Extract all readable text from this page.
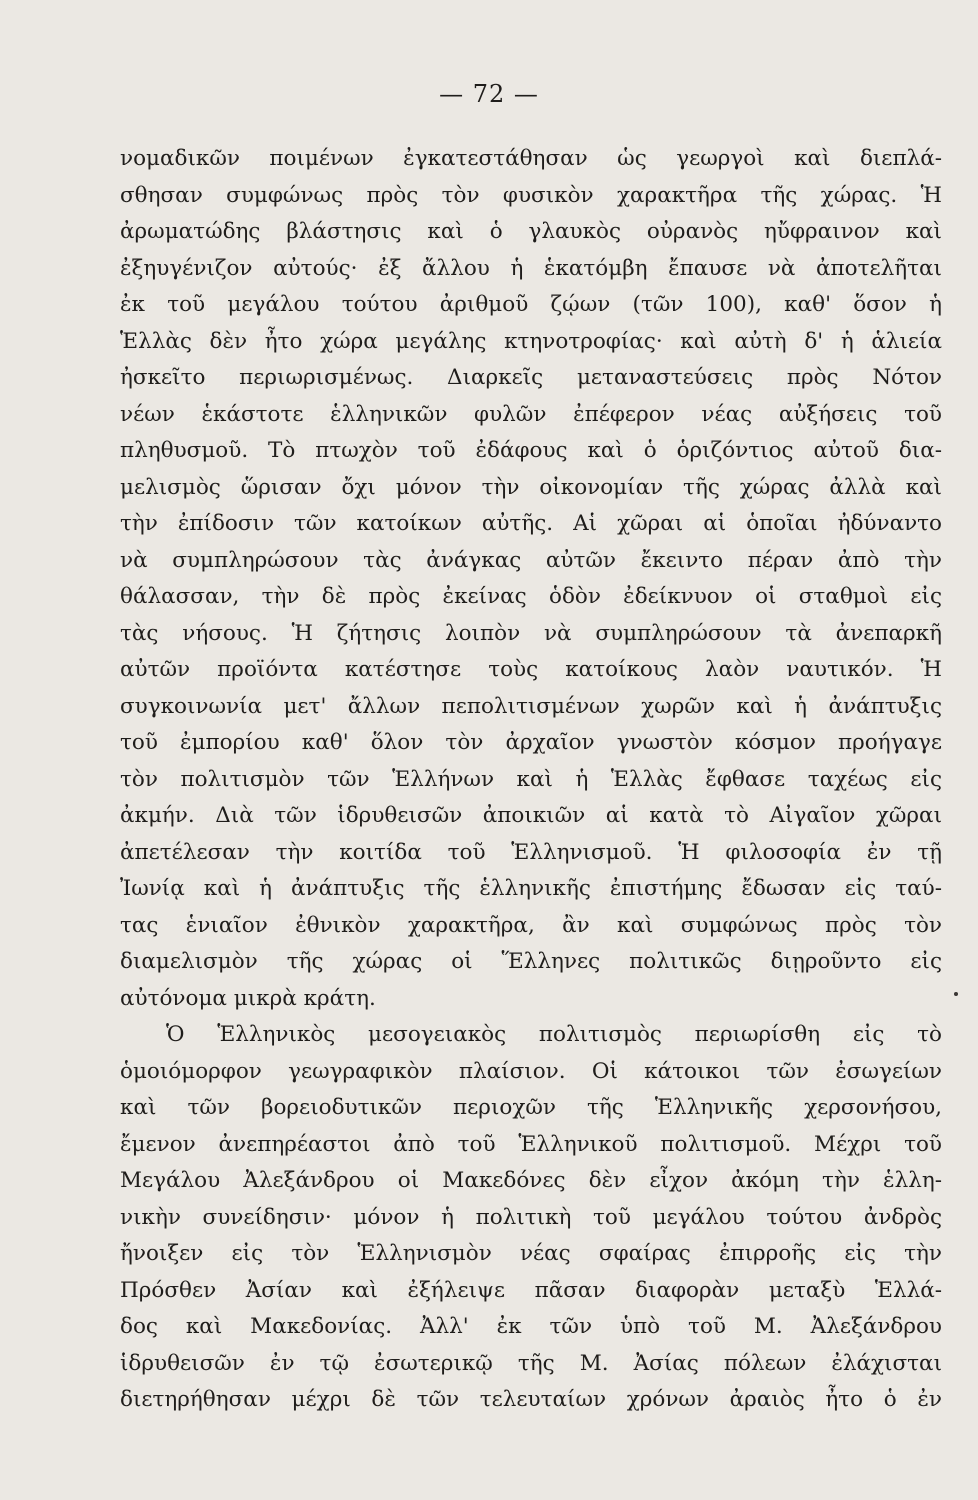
— 72 —
νομαδικῶν ποιμένων ἐγκατεστάθησαν ὡς γεωργοὶ καὶ διεπλά-
σθησαν συμφώνως πρὸς τὸν φυσικὸν χαρακτῆρα τῆς χώρας. Ἡ
ἀρωματώδης βλάστησις καὶ ὁ γλαυκὸς οὐρανὸς ηὔφραινον καὶ
ἐξηυγένιζον αὐτούς· ἐξ ἄλλου ἡ ἑκατόμβη ἔπαυσε νὰ ἀποτελῆται
ἐκ τοῦ μεγάλου τούτου ἀριθμοῦ ζῴων (τῶν 100), καθ' ὅσον ἡ
Ἑλλὰς δὲν ἦτο χώρα μεγάλης κτηνοτροφίας· καὶ αὐτὴ δ' ἡ ἁλιεία
ἠσκεῖτο περιωρισμένως. Διαρκεῖς μεταναστεύσεις πρὸς Νότον
νέων ἑκάστοτε ἑλληνικῶν φυλῶν ἐπέφερον νέας αὐξήσεις τοῦ
πληθυσμοῦ. Τὸ πτωχὸν τοῦ ἐδάφους καὶ ὁ ὁριζόντιος αὐτοῦ δια-
μελισμὸς ὥρισαν ὄχι μόνον τὴν οἰκονομίαν τῆς χώρας ἀλλὰ καὶ
τὴν ἐπίδοσιν τῶν κατοίκων αὐτῆς. Αἱ χῶραι αἱ ὁποῖαι ἠδύναντο
νὰ συμπληρώσουν τὰς ἀνάγκας αὐτῶν ἔκειντο πέραν ἀπὸ τὴν
θάλασσαν, τὴν δὲ πρὸς ἐκείνας ὁδὸν ἐδείκνυον οἱ σταθμοὶ εἰς
τὰς νήσους. Ἡ ζήτησις λοιπὸν νὰ συμπληρώσουν τὰ ἀνεπαρκῆ
αὐτῶν προϊόντα κατέστησε τοὺς κατοίκους λαὸν ναυτικόν. Ἡ
συγκοινωνία μετ' ἄλλων πεπολιτισμένων χωρῶν καὶ ἡ ἀνάπτυξις
τοῦ ἐμπορίου καθ' ὅλον τὸν ἀρχαῖον γνωστὸν κόσμον προήγαγε
τὸν πολιτισμὸν τῶν Ἑλλήνων καὶ ἡ Ἑλλὰς ἔφθασε ταχέως εἰς
ἀκμήν. Διὰ τῶν ἱδρυθεισῶν ἀποικιῶν αἱ κατὰ τὸ Αἰγαῖον χῶραι
ἀπετέλεσαν τὴν κοιτίδα τοῦ Ἑλληνισμοῦ. Ἡ φιλοσοφία ἐν τῇ
Ἰωνίᾳ καὶ ἡ ἀνάπτυξις τῆς ἑλληνικῆς ἐπιστήμης ἔδωσαν εἰς ταύ-
τας ἑνιαῖον ἐθνικὸν χαρακτῆρα, ἂν καὶ συμφώνως πρὸς τὸν
διαμελισμὸν τῆς χώρας οἱ Ἕλληνες πολιτικῶς διῃροῦντο εἰς
αὐτόνομα μικρὰ κράτη.
Ὁ Ἑλληνικὸς μεσογειακὸς πολιτισμὸς περιωρίσθη εἰς τὸ
ὁμοιόμορφον γεωγραφικὸν πλαίσιον. Οἱ κάτοικοι τῶν ἐσωγείων
καὶ τῶν βορειοδυτικῶν περιοχῶν τῆς Ἑλληνικῆς χερσονήσου,
ἔμενον ἀνεπηρέαστοι ἀπὸ τοῦ Ἑλληνικοῦ πολιτισμοῦ. Μέχρι τοῦ
Μεγάλου Ἀλεξάνδρου οἱ Μακεδόνες δὲν εἶχον ἀκόμη τὴν ἑλλη-
νικὴν συνείδησιν· μόνον ἡ πολιτικὴ τοῦ μεγάλου τούτου ἀνδρὸς
ἤνοιξεν εἰς τὸν Ἑλληνισμὸν νέας σφαίρας ἐπιρροῆς εἰς τὴν
Πρόσθεν Ἀσίαν καὶ ἐξήλειψε πᾶσαν διαφορὰν μεταξὺ Ἑλλά-
δος καὶ Μακεδονίας. Ἀλλ' ἐκ τῶν ὑπὸ τοῦ Μ. Ἀλεξάνδρου
ἱδρυθεισῶν ἐν τῷ ἐσωτερικῷ τῆς Μ. Ἀσίας πόλεων ἐλάχισται
διετηρήθησαν μέχρι δὲ τῶν τελευταίων χρόνων ἀραιὸς ἦτο ὁ ἐν
